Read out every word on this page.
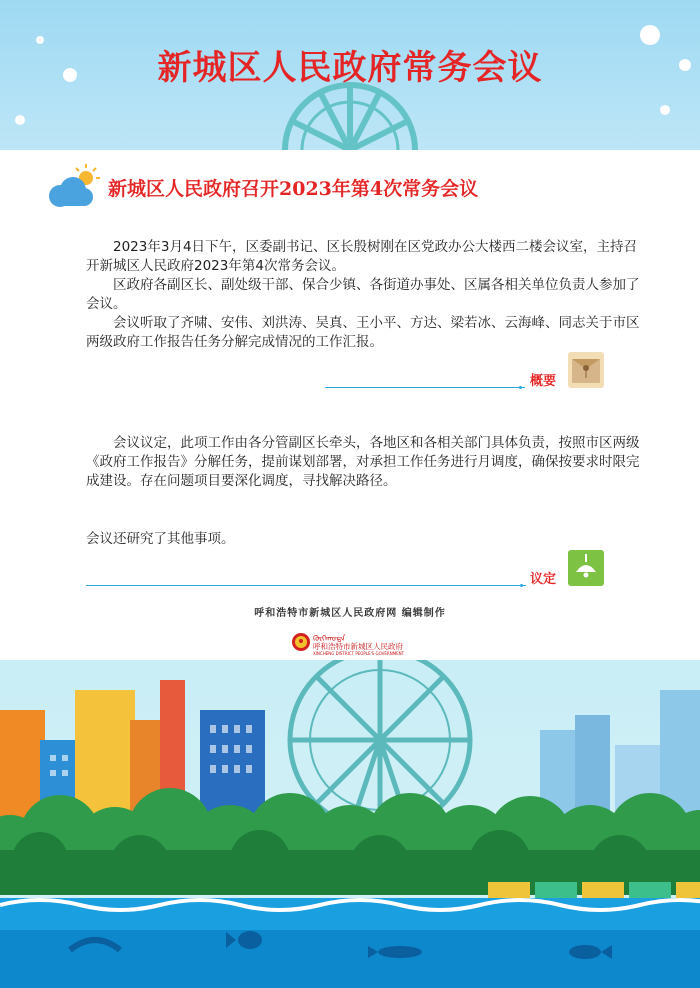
新城区人民政府常务会议
新城区人民政府召开2023年第4次常务会议
2023年3月4日下午，区委副书记、区长殷树刚在区党政办公大楼西二楼会议室，主持召开新城区人民政府2023年第4次常务会议。
区政府各副区长、副处级干部、保合少镇、各街道办事处、区属各相关单位负责人参加了会议。
会议听取了齐啸、安伟、刘洪涛、吴真、王小平、方达、梁若冰、云海峰、同志关于市区两级政府工作报告任务分解完成情况的工作汇报。
概要
会议议定，此项工作由各分管副区长牵头，各地区和各相关部门具体负责，按照市区两级《政府工作报告》分解任务，提前谋划部署，对承担工作任务进行月调度，确保按要求时限完成建设。存在问题项目要深化调度，寻找解决路径。
会议还研究了其他事项。
议定
呼和浩特市新城区人民政府网 编辑制作
ᠬᠥᠬᠡᠬᠣᠲᠠ
呼和浩特市新城区人民政府
XINCHENG DISTRICT PEOPLE'S GOVERNMENT
